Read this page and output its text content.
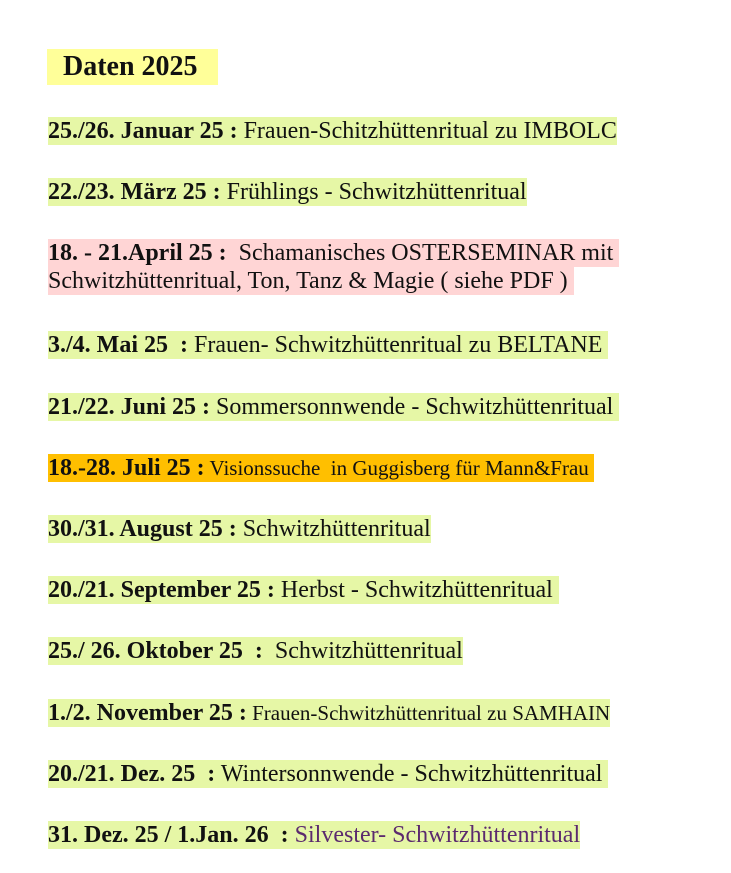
Daten 2025
25./26. Januar 25 : Frauen-Schitzhüttenritual zu IMBOLC
22./23. März 25 : Frühlings - Schwitzhüttenritual
18. - 21.April 25 :  Schamanisches OSTERSEMINAR mit
Schwitzhüttenritual, Ton, Tanz & Magie ( siehe PDF )
3./4. Mai 25  : Frauen- Schwitzhüttenritual zu BELTANE
21./22. Juni 25 : Sommersonnwende - Schwitzhüttenritual
18.-28. Juli 25 : Visionssuche  in Guggisberg für Mann&Frau
30./31. August 25 : Schwitzhüttenritual
20./21. September 25 : Herbst - Schwitzhüttenritual
25./ 26. Oktober 25  :  Schwitzhüttenritual
1./2. November 25 : Frauen-Schwitzhüttenritual zu SAMHAIN
20./21. Dez. 25  : Wintersonnwende - Schwitzhüttenritual
31. Dez. 25 / 1.Jan. 26  : Silvester- Schwitzhüttenritual
